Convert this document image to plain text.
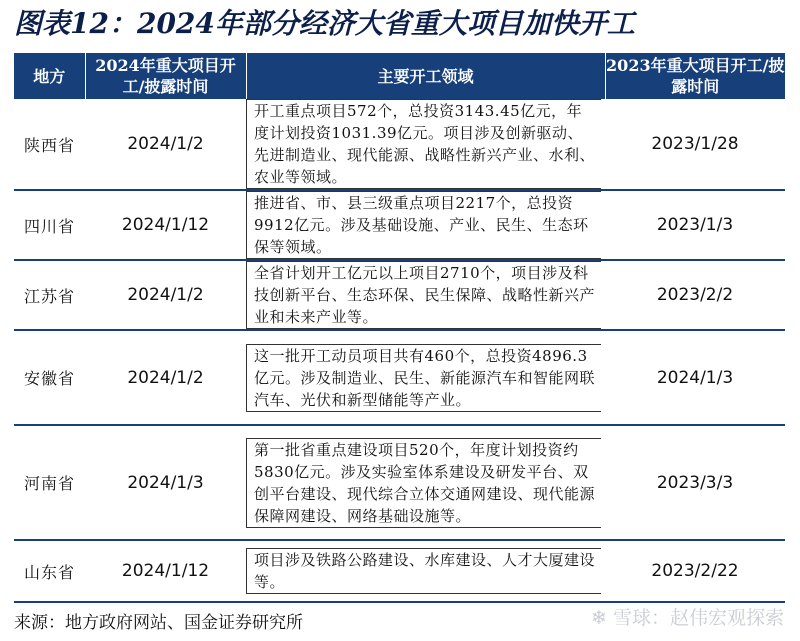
图表12：2024年部分经济大省重大项目加快开工
地方	2024年重大项目开工/披露时间	主要开工领域	2023年重大项目开工/披露时间
陕西省	2024/1/2	开工重点项目572个，总投资3143.45亿元，年度计划投资1031.39亿元。项目涉及创新驱动、先进制造业、现代能源、战略性新兴产业、水利、农业等领域。	2023/1/28
四川省	2024/1/12	推进省、市、县三级重点项目2217个，总投资9912亿元。涉及基础设施、产业、民生、生态环保等领域。	2023/1/3
江苏省	2024/1/2	全省计划开工亿元以上项目2710个，项目涉及科技创新平台、生态环保、民生保障、战略性新兴产业和未来产业等。	2023/2/2
安徽省	2024/1/2	这一批开工动员项目共有460个，总投资4896.3亿元。涉及制造业、民生、新能源汽车和智能网联汽车、光伏和新型储能等产业。	2024/1/3
河南省	2024/1/3	第一批省重点建设项目520个，年度计划投资约5830亿元。涉及实验室体系建设及研发平台、双创平台建设、现代综合立体交通网建设、现代能源保障网建设、网络基础设施等。	2023/3/3
山东省	2024/1/12	项目涉及铁路公路建设、水库建设、人才大厦建设等。	2023/2/22
来源：地方政府网站、国金证券研究所	❄ 雪球：赵伟宏观探索
